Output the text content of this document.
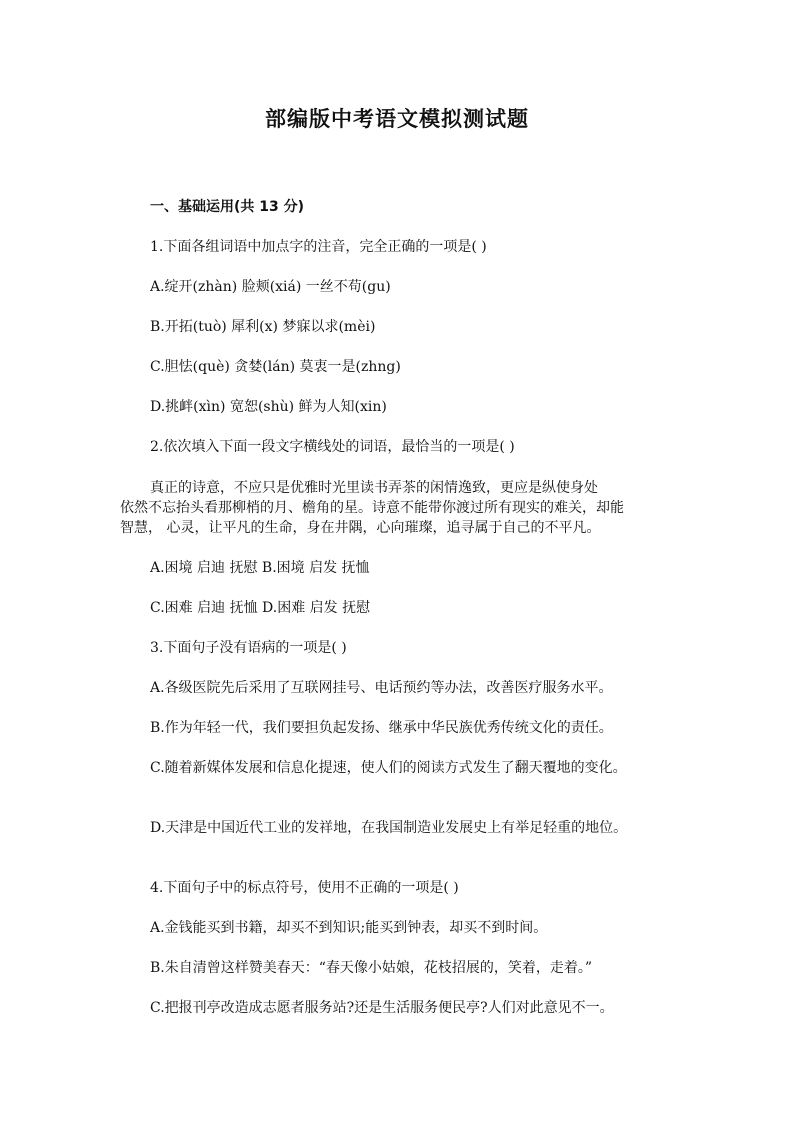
部编版中考语文模拟测试题
一、基础运用(共 13 分)
1.下面各组词语中加点字的注音，完全正确的一项是( )
A.绽开(zhàn) 脸颊(xiá) 一丝不苟(gu)
B.开拓(tuò) 犀利(x) 梦寐以求(mèi)
C.胆怯(què) 贪婪(lán) 莫衷一是(zhng)
D.挑衅(xìn) 宽恕(shù) 鲜为人知(xin)
2.依次填入下面一段文字横线处的词语，最恰当的一项是( )
真正的诗意，不应只是优雅时光里读书弄茶的闲情逸致，更应是纵使身处
依然不忘抬头看那柳梢的月、檐角的星。诗意不能带你渡过所有现实的难关，却能
智慧， 心灵，让平凡的生命，身在井隅，心向璀璨，追寻属于自己的不平凡。
A.困境 启迪 抚慰 B.困境 启发 抚恤
C.困难 启迪 抚恤 D.困难 启发 抚慰
3.下面句子没有语病的一项是( )
A.各级医院先后采用了互联网挂号、电话预约等办法，改善医疗服务水平。
B.作为年轻一代，我们要担负起发扬、继承中华民族优秀传统文化的责任。
C.随着新媒体发展和信息化提速，使人们的阅读方式发生了翻天覆地的变化。
D.天津是中国近代工业的发祥地，在我国制造业发展史上有举足轻重的地位。
4.下面句子中的标点符号，使用不正确的一项是( )
A.金钱能买到书籍，却买不到知识;能买到钟表，却买不到时间。
B.朱自清曾这样赞美春天：“春天像小姑娘，花枝招展的，笑着，走着。”
C.把报刊亭改造成志愿者服务站?还是生活服务便民亭?人们对此意见不一。
